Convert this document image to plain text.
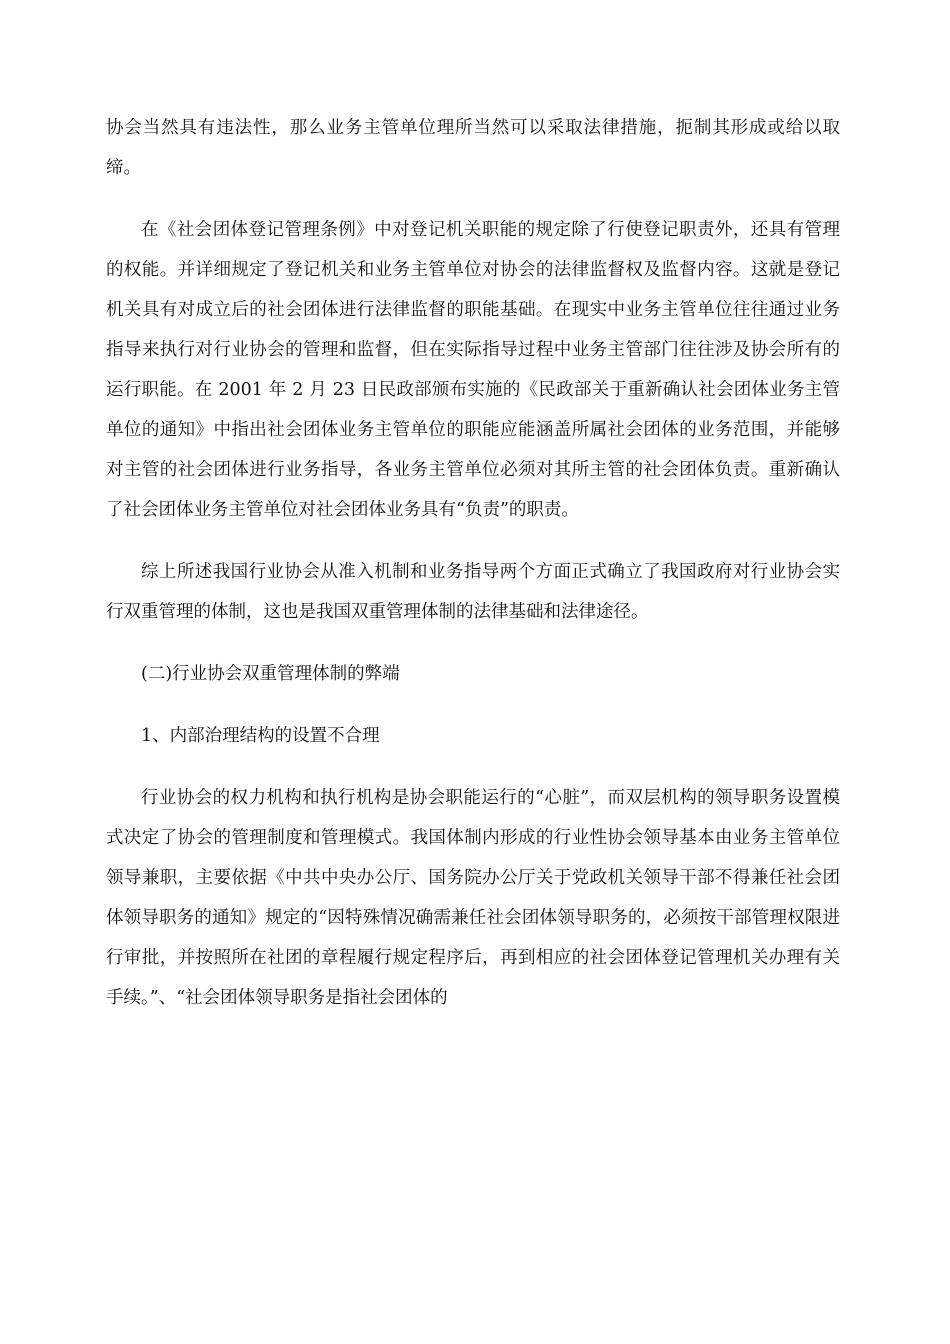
协会当然具有违法性，那么业务主管单位理所当然可以采取法律措施，扼制其形成或给以取缔。

在《社会团体登记管理条例》中对登记机关职能的规定除了行使登记职责外，还具有管理的权能。并详细规定了登记机关和业务主管单位对协会的法律监督权及监督内容。这就是登记机关具有对成立后的社会团体进行法律监督的职能基础。在现实中业务主管单位往往通过业务指导来执行对行业协会的管理和监督，但在实际指导过程中业务主管部门往往涉及协会所有的运行职能。在 2001 年 2 月 23 日民政部颁布实施的《民政部关于重新确认社会团体业务主管单位的通知》中指出社会团体业务主管单位的职能应能涵盖所属社会团体的业务范围，并能够对主管的社会团体进行业务指导，各业务主管单位必须对其所主管的社会团体负责。重新确认了社会团体业务主管单位对社会团体业务具有“负责”的职责。

综上所述我国行业协会从准入机制和业务指导两个方面正式确立了我国政府对行业协会实行双重管理的体制，这也是我国双重管理体制的法律基础和法律途径。

(二)行业协会双重管理体制的弊端

1、内部治理结构的设置不合理

行业协会的权力机构和执行机构是协会职能运行的“心脏”，而双层机构的领导职务设置模式决定了协会的管理制度和管理模式。我国体制内形成的行业性协会领导基本由业务主管单位领导兼职，主要依据《中共中央办公厅、国务院办公厅关于党政机关领导干部不得兼任社会团体领导职务的通知》规定的“因特殊情况确需兼任社会团体领导职务的，必须按干部管理权限进行审批，并按照所在社团的章程履行规定程序后，再到相应的社会团体登记管理机关办理有关手续。”、“社会团体领导职务是指社会团体的
